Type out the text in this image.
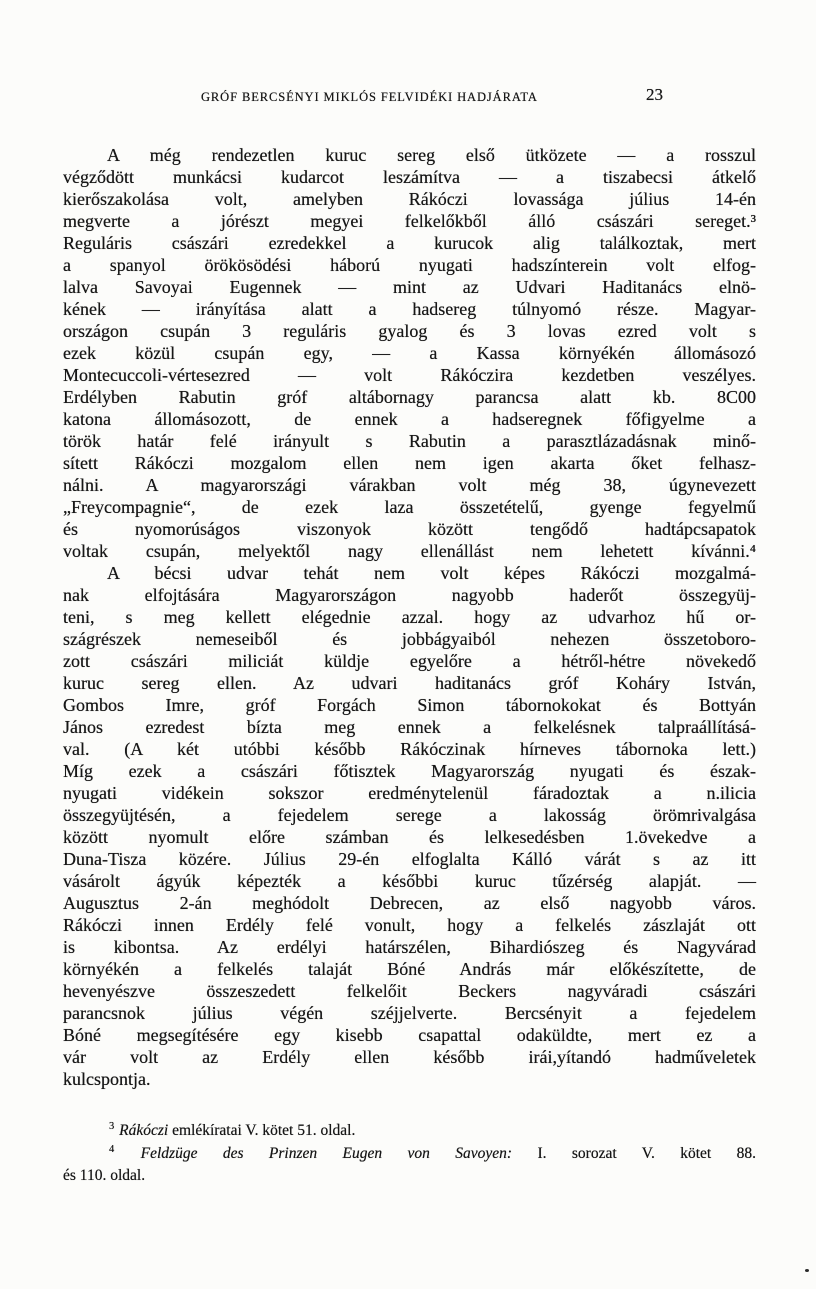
GRÓF BERCSÉNYI MIKLÓS FELVIDÉKI HADJÁRATA	23
A még rendezetlen kuruc sereg első ütközete — a rosszul
végződött munkácsi kudarcot leszámítva — a tiszabecsi átkelő
kierőszakolása volt, amelyben Rákóczi lovassága július 14-én
megverte a jórészt megyei felkelőkből álló császári sereget.³
Reguláris császári ezredekkel a kurucok alig találkoztak, mert
a spanyol örökösödési háború nyugati hadszínterein volt elfog-
lalva Savoyai Eugennek — mint az Udvari Haditanács elnö-
kének — irányítása alatt a hadsereg túlnyomó része. Magyar-
országon csupán 3 reguláris gyalog és 3 lovas ezred volt s
ezek közül csupán egy, — a Kassa környékén állomásozó
Montecuccoli-vértesezred — volt Rákóczira kezdetben veszélyes.
Erdélyben Rabutin gróf altábornagy parancsa alatt kb. 8C00
katona állomásozott, de ennek a hadseregnek főfigyelme a
török határ felé irányult s Rabutin a parasztlázadásnak minő-
sített Rákóczi mozgalom ellen nem igen akarta őket felhasz-
nálni. A magyarországi várakban volt még 38, úgynevezett
„Freycompagnie“, de ezek laza összetételű, gyenge fegyelmű
és nyomorúságos viszonyok között tengődő hadtápcsapatok
voltak csupán, melyektől nagy ellenállást nem lehetett kívánni.⁴
A bécsi udvar tehát nem volt képes Rákóczi mozgalmá-
nak elfojtására Magyarországon nagyobb haderőt összegyüj-
teni, s meg kellett elégednie azzal. hogy az udvarhoz hű or-
szágrészek nemeseiből és jobbágyaiból nehezen összetoboro-
zott császári miliciát küldje egyelőre a hétről-hétre növekedő
kuruc sereg ellen. Az udvari haditanács gróf Koháry István,
Gombos Imre, gróf Forgách Simon tábornokokat és Bottyán
János ezredest bízta meg ennek a felkelésnek talpraállításá-
val. (A két utóbbi később Rákóczinak hírneves tábornoka lett.)
Míg ezek a császári főtisztek Magyarország nyugati és észak-
nyugati vidékein sokszor eredménytelenül fáradoztak a n.ilicia
összegyüjtésén, a fejedelem serege a lakosság örömrivalgása
között nyomult előre számban és lelkesedésben 1.övekedve a
Duna-Tisza közére. Július 29-én elfoglalta Kálló várát s az itt
vásárolt ágyúk képezték a későbbi kuruc tűzérség alapját. —
Augusztus 2-án meghódolt Debrecen, az első nagyobb város.
Rákóczi innen Erdély felé vonult, hogy a felkelés zászlaját ott
is kibontsa. Az erdélyi határszélen, Bihardiószeg és Nagyvárad
környékén a felkelés talaját Bóné András már előkészítette, de
hevenyészve összeszedett felkelőit Beckers nagyváradi császári
parancsnok július végén széjjelverte. Bercsényit a fejedelem
Bóné megsegítésére egy kisebb csapattal odaküldte, mert ez a
vár volt az Erdély ellen később irái,yítandó hadműveletek
kulcspontja.
$^3$ Rákóczi emlékíratai V. kötet 51. oldal.
$^4$ Feldzüge des Prinzen Eugen von Savoyen: I. sorozat V. kötet 88.
és 110. oldal.
